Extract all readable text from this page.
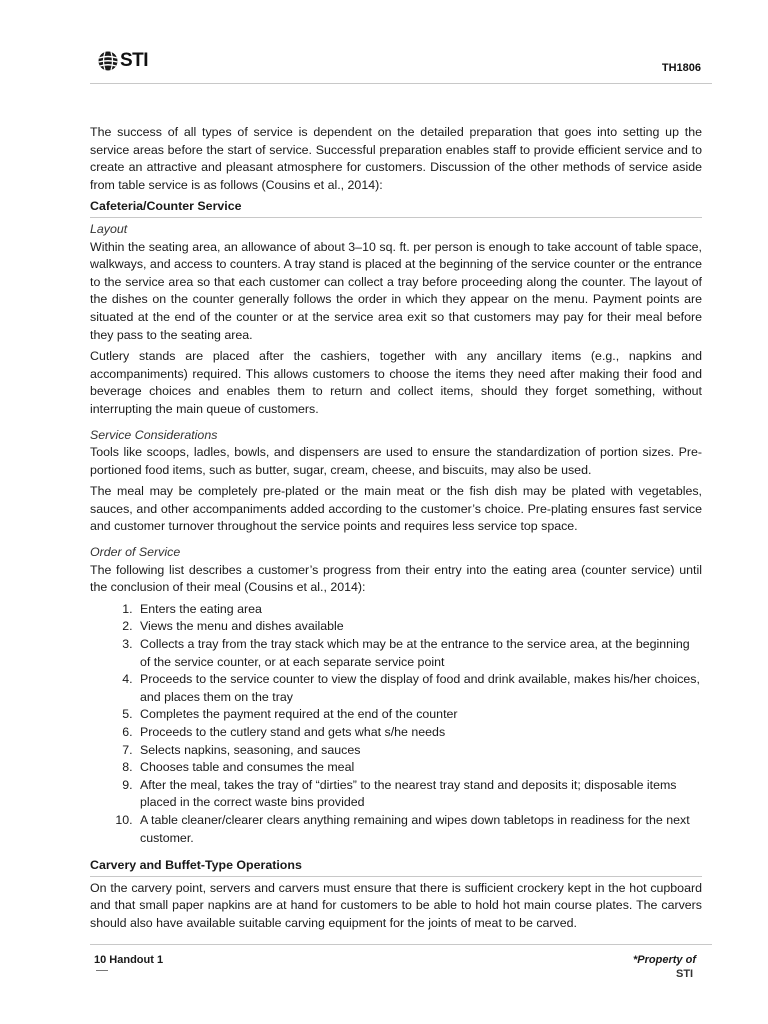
STI	TH1806

The success of all types of service is dependent on the detailed preparation that goes into setting up the service areas before the start of service. Successful preparation enables staff to provide efficient service and to create an attractive and pleasant atmosphere for customers. Discussion of the other methods of service aside from table service is as follows (Cousins et al., 2014):

Cafeteria/Counter Service
Layout

Within the seating area, an allowance of about 3–10 sq. ft. per person is enough to take account of table space, walkways, and access to counters. A tray stand is placed at the beginning of the service counter or the entrance to the service area so that each customer can collect a tray before proceeding along the counter. The layout of the dishes on the counter generally follows the order in which they appear on the menu. Payment points are situated at the end of the counter or at the service area exit so that customers may pay for their meal before they pass to the seating area.

Cutlery stands are placed after the cashiers, together with any ancillary items (e.g., napkins and accompaniments) required. This allows customers to choose the items they need after making their food and beverage choices and enables them to return and collect items, should they forget something, without interrupting the main queue of customers.

Service Considerations

Tools like scoops, ladles, bowls, and dispensers are used to ensure the standardization of portion sizes. Pre-portioned food items, such as butter, sugar, cream, cheese, and biscuits, may also be used.

The meal may be completely pre-plated or the main meat or the fish dish may be plated with vegetables, sauces, and other accompaniments added according to the customer’s choice. Pre-plating ensures fast service and customer turnover throughout the service points and requires less service top space.

Order of Service

The following list describes a customer’s progress from their entry into the eating area (counter service) until the conclusion of their meal (Cousins et al., 2014):

1. Enters the eating area
2. Views the menu and dishes available
3. Collects a tray from the tray stack which may be at the entrance to the service area, at the beginning of the service counter, or at each separate service point
4. Proceeds to the service counter to view the display of food and drink available, makes his/her choices, and places them on the tray
5. Completes the payment required at the end of the counter
6. Proceeds to the cutlery stand and gets what s/he needs
7. Selects napkins, seasoning, and sauces
8. Chooses table and consumes the meal
9. After the meal, takes the tray of “dirties” to the nearest tray stand and deposits it; disposable items placed in the correct waste bins provided
10. A table cleaner/clearer clears anything remaining and wipes down tabletops in readiness for the next customer.
Carvery and Buffet-Type Operations

On the carvery point, servers and carvers must ensure that there is sufficient crockery kept in the hot cupboard and that small paper napkins are at hand for customers to be able to hold hot main course plates. The carvers should also have available suitable carving equipment for the joints of meat to be carved.

10 Handout 1	*Property of
STI
